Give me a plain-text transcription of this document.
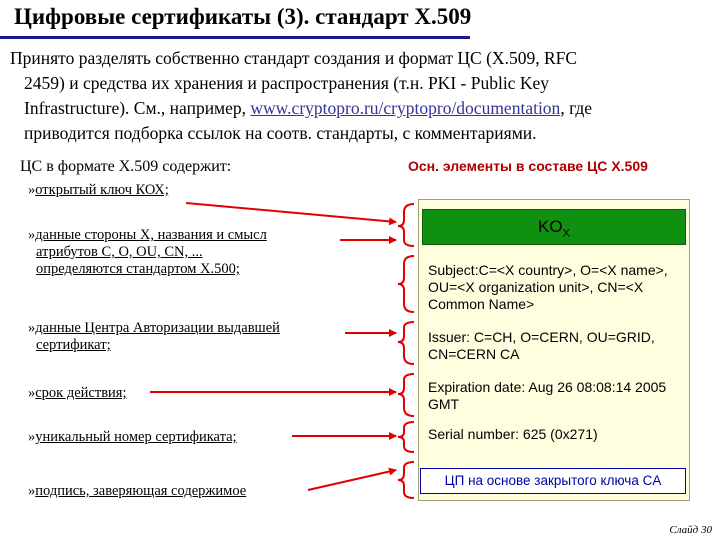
Цифровые сертификаты (3). стандарт X.509
Принято разделять собственно стандарт создания и формат ЦС (X.509, RFC
2459) и средства их хранения и распространения (т.н. PKI - Public Key
Infrastructure). См., например, www.cryptopro.ru/cryptopro/documentation, где
приводится подборка ссылок на соотв. стандарты, с комментариями.
ЦС в формате X.509 содержит:	Осн. элементы в составе ЦС X.509
»открытый ключ КОХ;
»данные стороны X, названия и смысл
атрибутов C, O, OU, CN, ...
определяются стандартом X.500;
»данные Центра Авторизации выдавшей
сертификат;
»срок действия;
»уникальный номер сертификата;
»подпись, заверяющая содержимое
$KO_X$
Subject:C=<X country>, O=<X name>, OU=<X organization unit>, CN=<X Common Name>
Issuer: C=CH, O=CERN, OU=GRID, CN=CERN CA
Expiration date: Aug 26 08:08:14 2005 GMT
Serial number: 625 (0x271)
ЦП на основе закрытого ключа CA
Слайд 30
